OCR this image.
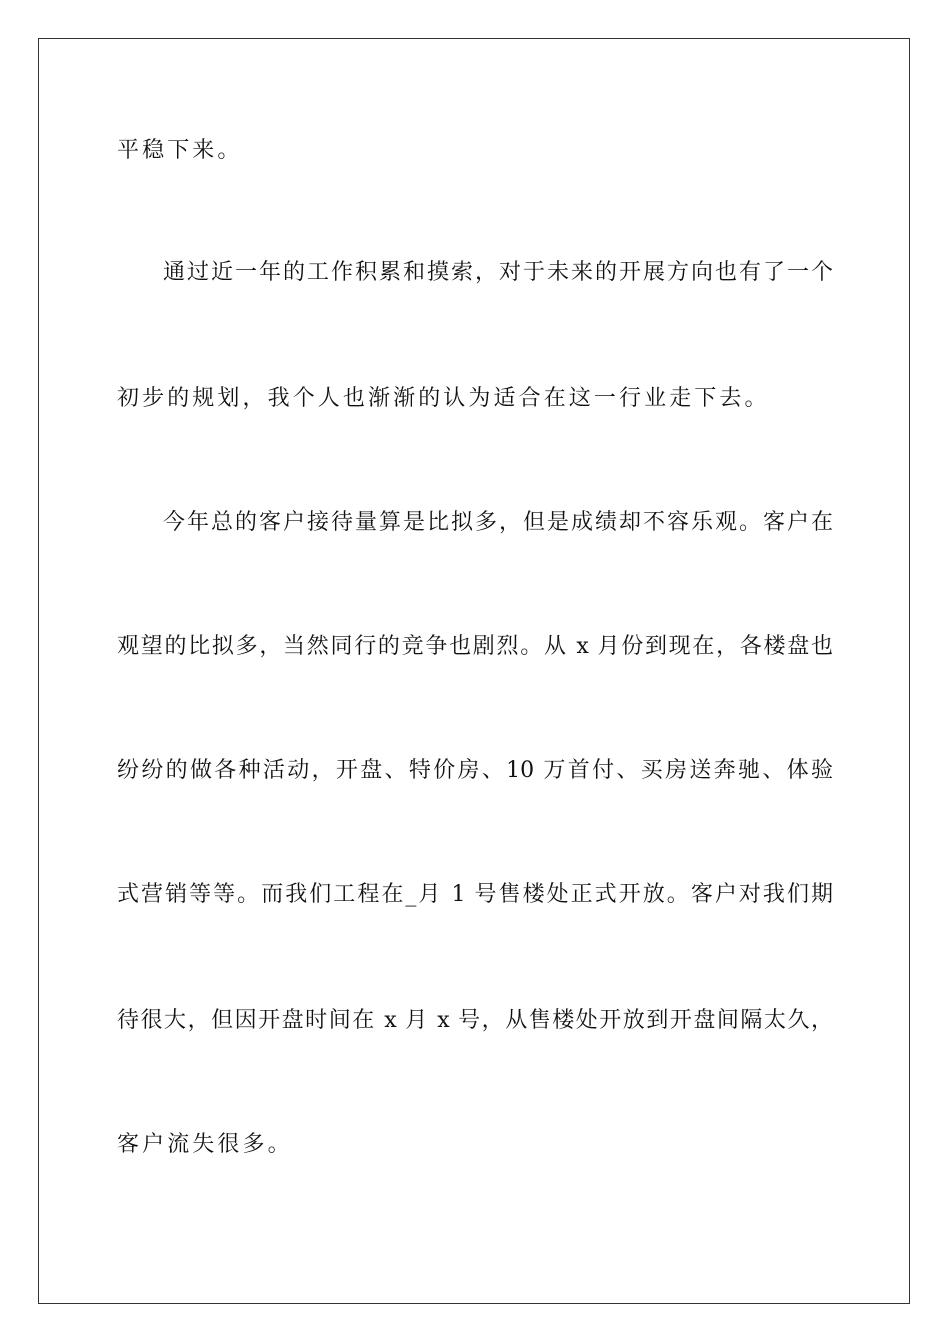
平稳下来。
通过近一年的工作积累和摸索，对于未来的开展方向也有了一个
初步的规划，我个人也渐渐的认为适合在这一行业走下去。
今年总的客户接待量算是比拟多，但是成绩却不容乐观。客户在
观望的比拟多，当然同行的竞争也剧烈。从 x 月份到现在，各楼盘也
纷纷的做各种活动，开盘、特价房、10 万首付、买房送奔驰、体验
式营销等等。而我们工程在_月 1 号售楼处正式开放。客户对我们期
待很大，但因开盘时间在 x 月 x 号，从售楼处开放到开盘间隔太久，
客户流失很多。
